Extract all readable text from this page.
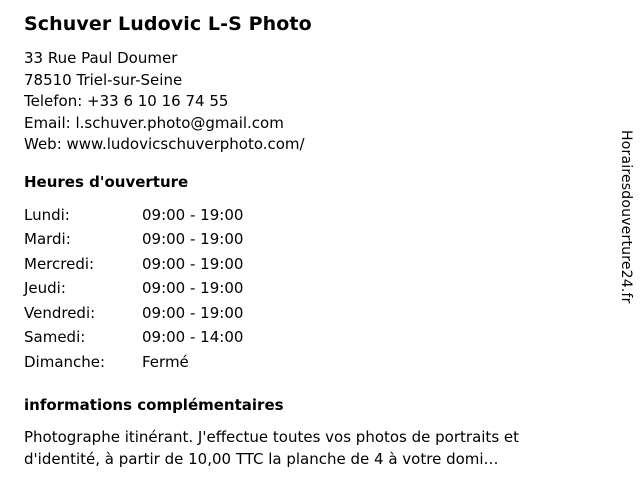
Schuver Ludovic L-S Photo
33 Rue Paul Doumer
78510 Triel-sur-Seine
Telefon: +33 6 10 16 74 55
Email: l.schuver.photo@gmail.com
Web: www.ludovicschuverphoto.com/
Heures d'ouverture
Lundi:	09:00 - 19:00
Mardi:	09:00 - 19:00
Mercredi:	09:00 - 19:00
Jeudi:	09:00 - 19:00
Vendredi:	09:00 - 19:00
Samedi:	09:00 - 14:00
Dimanche:	Fermé
informations complémentaires
Photographe itinérant. J'effectue toutes vos photos de portraits et d'identité, à partir de 10,00 TTC la planche de 4 à votre domi…
Horairesdouverture24.fr
